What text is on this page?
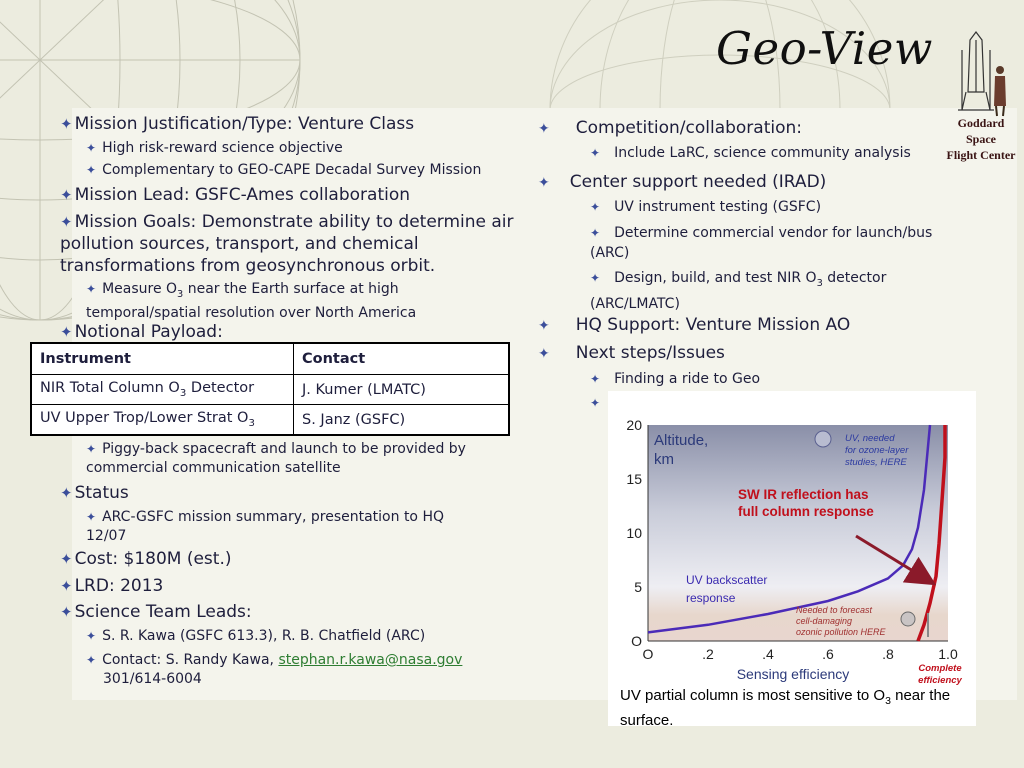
Geo-View
Goddard
Space
Flight Center
✦ Mission Justification/Type: Venture Class
✦ High risk-reward science objective
✦ Complementary to GEO-CAPE Decadal Survey Mission
✦ Mission Lead: GSFC-Ames collaboration
✦ Mission Goals: Demonstrate ability to determine air pollution sources, transport, and chemical transformations from geosynchronous orbit.
✦ Measure $O_3$ near the Earth surface at high temporal/spatial resolution over North America
✦ Notional Payload:
Instrument	Contact
NIR Total Column $O_3$ Detector	J. Kumer (LMATC)
UV Upper Trop/Lower Strat $O_3$	S. Janz (GSFC)
✦ Piggy-back spacecraft and launch to be provided by commercial communication satellite
✦ Status
✦ ARC-GSFC mission summary, presentation to HQ 12/07
✦ Cost: $180M (est.)
✦ LRD: 2013
✦ Science Team Leads:
✦ S. R. Kawa (GSFC 613.3), R. B. Chatfield (ARC)
✦ Contact: S. Randy Kawa, stephan.r.kawa@nasa.gov
301/614-6004
✦ Competition/collaboration:
✦ Include LaRC, science community analysis
✦ Center support needed (IRAD)
✦ UV instrument testing (GSFC)
✦ Determine commercial vendor for launch/bus (ARC)
✦ Design, build, and test NIR $O_3$ detector (ARC/LMATC)
✦ HQ Support: Venture Mission AO
✦ Next steps/Issues
✦ Finding a ride to Geo
✦
20
15
10
5
O
O	.2	.4	.6	.8	1.0
Altitude,
km
UV, needed
for ozone-layer
studies, HERE
SW IR reflection has
full column response
UV backscatter
response
Needed to forecast
cell-damaging
ozonic pollution HERE
Sensing efficiency	Complete
efficiency
UV partial column is most sensitive to $O_3$ near the surface.
